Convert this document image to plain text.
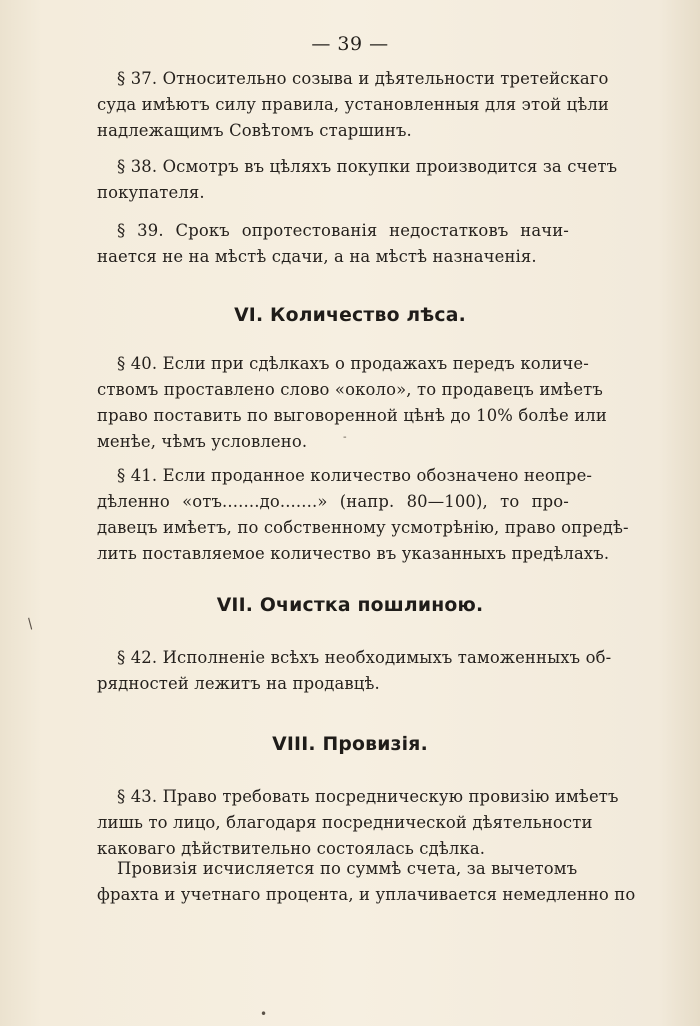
— 39 —
§ 37. Относительно созыва и дѣятельности третейскаго
суда имѣютъ силу правила, установленныя для этой цѣли
надлежащимъ Совѣтомъ старшинъ.
§ 38. Осмотръ въ цѣляхъ покупки производится за счетъ
покупателя.
§ 39. Срокъ опротестованія недостатковъ начи-
нается не на мѣстѣ сдачи, а на мѣстѣ назначенія.
VI. Количество лѣса.
§ 40. Если при сдѣлкахъ о продажахъ передъ количе-
ствомъ проставлено слово «около», то продавецъ имѣетъ
право поставить по выговоренной цѣнѣ до 10% болѣе или
менѣе, чѣмъ условлено.
§ 41. Если проданное количество обозначено неопре-
дѣленно «отъ.......до.......» (напр. 80—100), то про-
давецъ имѣетъ, по собственному усмотрѣнію, право опредѣ-
лить поставляемое количество въ указанныхъ предѣлахъ.
VII. Очистка пошлиною.
§ 42. Исполненіе всѣхъ необходимыхъ таможенныхъ об-
рядностей лежитъ на продавцѣ.
VIII. Провизія.
§ 43. Право требовать посредническую провизію имѣетъ
лишь то лицо, благодаря посреднической дѣятельности
каковаго дѣйствительно состоялась сдѣлка.
Провизія исчисляется по суммѣ счета, за вычетомъ
фрахта и учетнаго процента, и уплачивается немедленно по
/
-
•
